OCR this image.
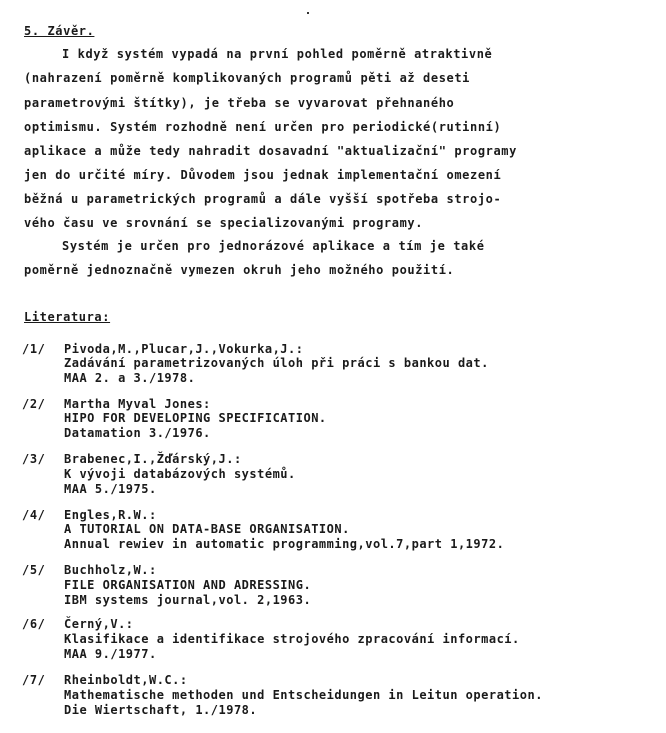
5. Závěr.
I když systém vypadá na první pohled poměrně atraktivně
(nahrazení poměrně komplikovaných programů pěti až deseti
parametrovými štítky), je třeba se vyvarovat přehnaného
optimismu. Systém rozhodně není určen pro periodické(rutinní)
aplikace a může tedy nahradit dosavadní "aktualizační" programy
jen do určité míry. Důvodem jsou jednak implementační omezení
běžná u parametrických programů a dále vyšší spotřeba strojo-
vého času ve srovnání se specializovanými programy.
Systém je určen pro jednorázové aplikace a tím je také
poměrně jednoznačně vymezen okruh jeho možného použití.
Literatura:
/1/ Pivoda,M.,Plucar,J.,Vokurka,J.:
Zadávání parametrizovaných úloh při práci s bankou dat.
MAA 2. a 3./1978.
/2/ Martha Myval Jones:
HIPO FOR DEVELOPING SPECIFICATION.
Datamation 3./1976.
/3/ Brabenec,I.,Žďárský,J.:
K vývoji databázových systémů.
MAA 5./1975.
/4/ Engles,R.W.:
A TUTORIAL ON DATA-BASE ORGANISATION.
Annual rewiev in automatic programming,vol.7,part 1,1972.
/5/ Buchholz,W.:
FILE ORGANISATION AND ADRESSING.
IBM systems journal,vol. 2,1963.
/6/ Černý,V.:
Klasifikace a identifikace strojového zpracování informací.
MAA 9./1977.
/7/ Rheinboldt,W.C.:
Mathematische methoden und Entscheidungen in Leitun operation.
Die Wiertschaft, 1./1978.
